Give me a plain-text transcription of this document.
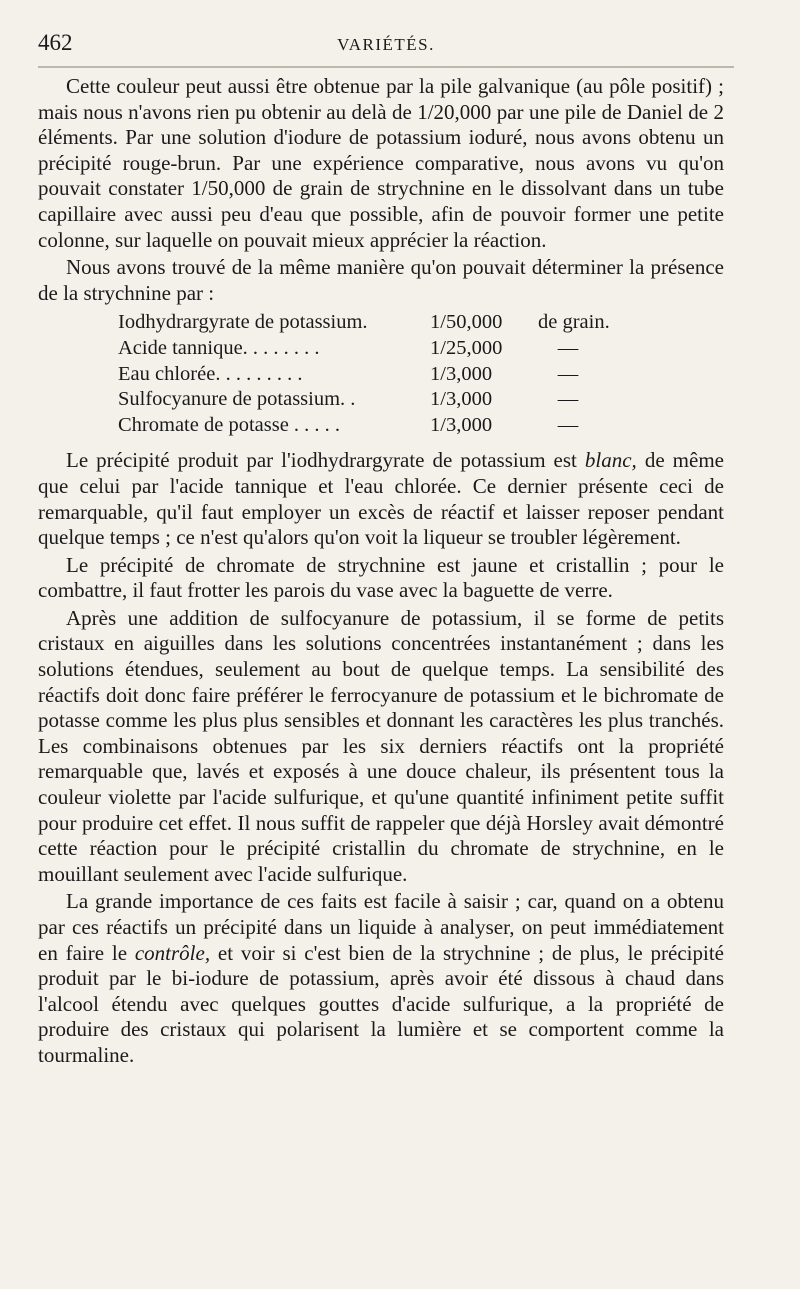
462	VARIÉTÉS.

Cette couleur peut aussi être obtenue par la pile galvanique (au pôle positif) ; mais nous n'avons rien pu obtenir au delà de 1/20,000 par une pile de Daniel de 2 éléments. Par une solution d'iodure de potassium ioduré, nous avons obtenu un précipité rouge-brun. Par une expérience comparative, nous avons vu qu'on pouvait constater 1/50,000 de grain de strychnine en le dissolvant dans un tube capillaire avec aussi peu d'eau que possible, afin de pouvoir former une petite colonne, sur laquelle on pouvait mieux apprécier la réaction.

Nous avons trouvé de la même manière qu'on pouvait déterminer la présence de la strychnine par :

Iodhydrargyrate de potassium.	1/50,000	de grain.
Acide tannique. . . . . . . .	1/25,000	—
Eau chlorée. . . . . . . . .	1/3,000	—
Sulfocyanure de potassium. .	1/3,000	—
Chromate de potasse . . . . .	1/3,000	—

Le précipité produit par l'iodhydrargyrate de potassium est blanc, de même que celui par l'acide tannique et l'eau chlorée. Ce dernier présente ceci de remarquable, qu'il faut employer un excès de réactif et laisser reposer pendant quelque temps ; ce n'est qu'alors qu'on voit la liqueur se troubler légèrement.

Le précipité de chromate de strychnine est jaune et cristallin ; pour le combattre, il faut frotter les parois du vase avec la baguette de verre.

Après une addition de sulfocyanure de potassium, il se forme de petits cristaux en aiguilles dans les solutions concentrées instantanément ; dans les solutions étendues, seulement au bout de quelque temps. La sensibilité des réactifs doit donc faire préférer le ferrocyanure de potassium et le bichromate de potasse comme les plus plus sensibles et donnant les caractères les plus tranchés. Les combinaisons obtenues par les six derniers réactifs ont la propriété remarquable que, lavés et exposés à une douce chaleur, ils présentent tous la couleur violette par l'acide sulfurique, et qu'une quantité infiniment petite suffit pour produire cet effet. Il nous suffit de rappeler que déjà Horsley avait démontré cette réaction pour le précipité cristallin du chromate de strychnine, en le mouillant seulement avec l'acide sulfurique.

La grande importance de ces faits est facile à saisir ; car, quand on a obtenu par ces réactifs un précipité dans un liquide à analyser, on peut immédiatement en faire le contrôle, et voir si c'est bien de la strychnine ; de plus, le précipité produit par le bi-iodure de potassium, après avoir été dissous à chaud dans l'alcool étendu avec quelques gouttes d'acide sulfurique, a la propriété de produire des cristaux qui polarisent la lumière et se comportent comme la tourmaline.
